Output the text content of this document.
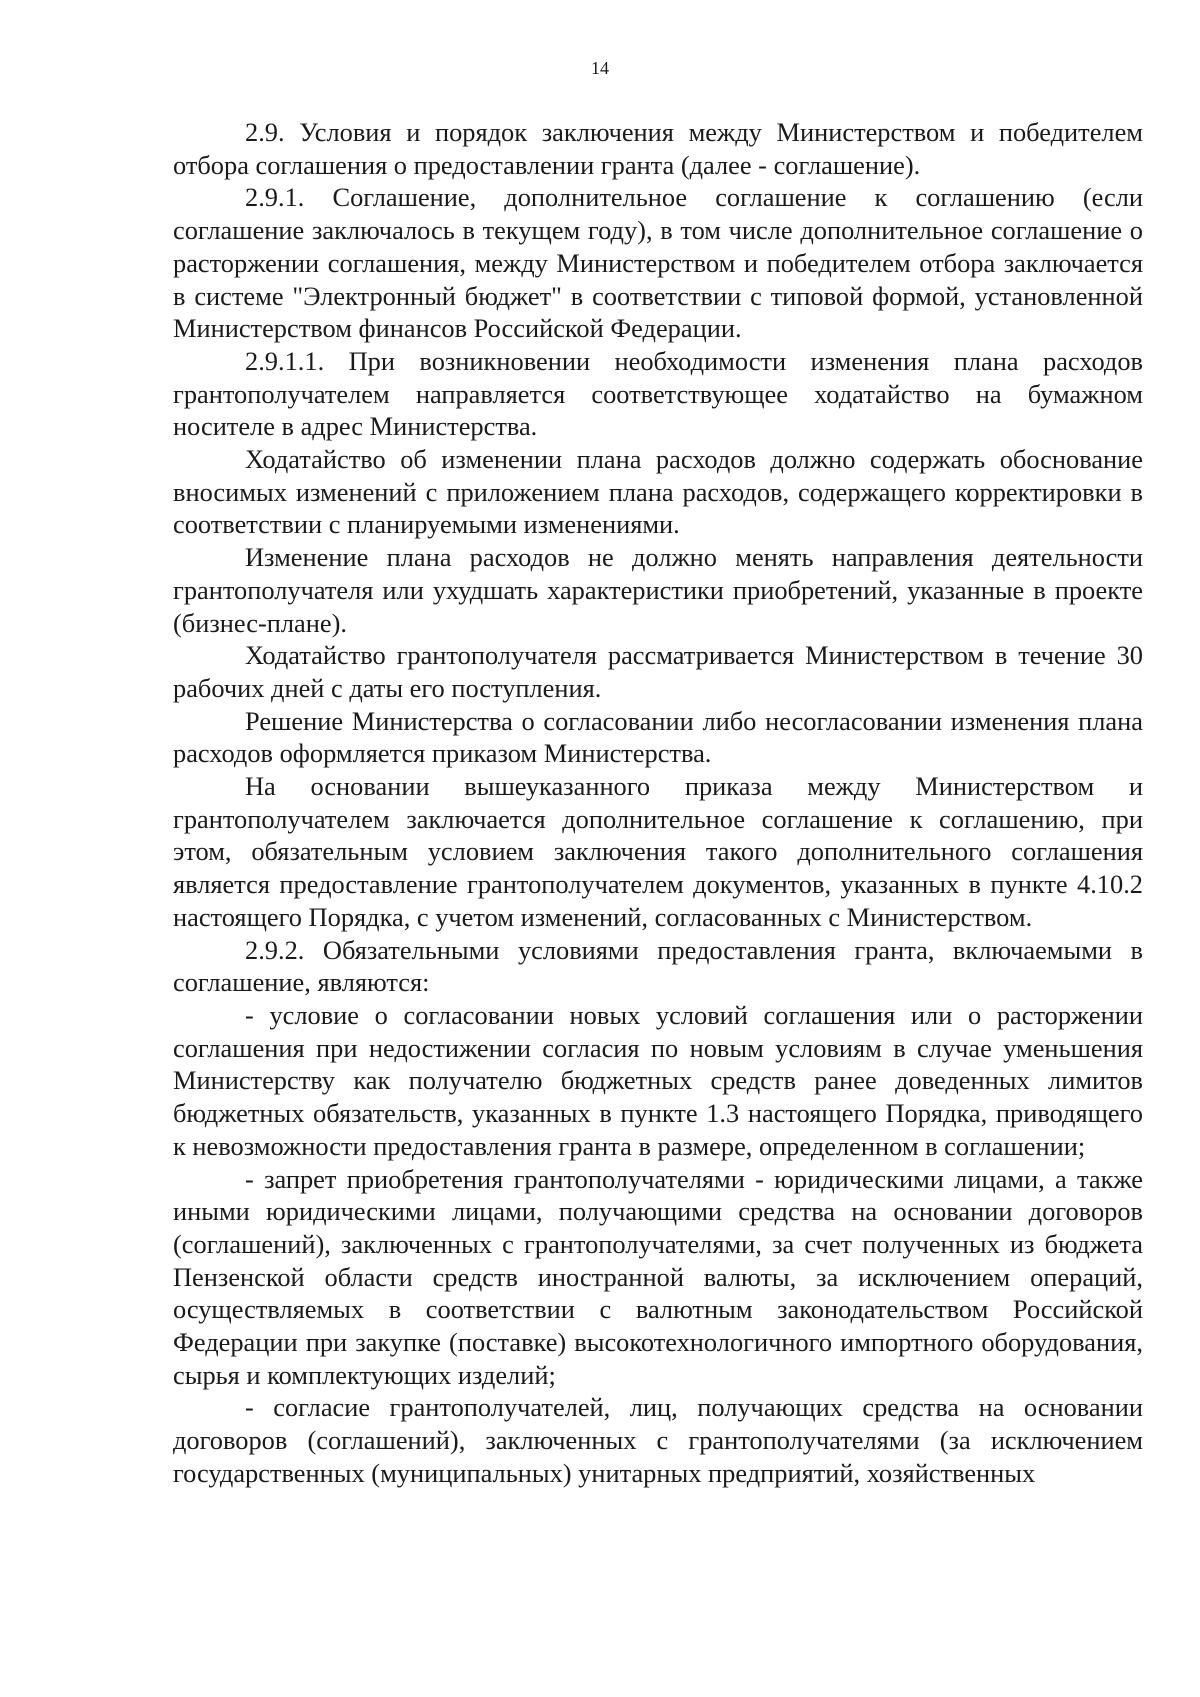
14

2.9. Условия и порядок заключения между Министерством и победителем отбора соглашения о предоставлении гранта (далее - соглашение).

2.9.1. Соглашение, дополнительное соглашение к соглашению (если соглашение заключалось в текущем году), в том числе дополнительное соглашение о расторжении соглашения, между Министерством и победителем отбора заключается в системе "Электронный бюджет" в соответствии с типовой формой, установленной Министерством финансов Российской Федерации.

2.9.1.1. При возникновении необходимости изменения плана расходов грантополучателем направляется соответствующее ходатайство на бумажном носителе в адрес Министерства.

Ходатайство об изменении плана расходов должно содержать обоснование вносимых изменений с приложением плана расходов, содержащего корректировки в соответствии с планируемыми изменениями.

Изменение плана расходов не должно менять направления деятельности грантополучателя или ухудшать характеристики приобретений, указанные в проекте (бизнес-плане).

Ходатайство грантополучателя рассматривается Министерством в течение 30 рабочих дней с даты его поступления.

Решение Министерства о согласовании либо несогласовании изменения плана расходов оформляется приказом Министерства.

На основании вышеуказанного приказа между Министерством и грантополучателем заключается дополнительное соглашение к соглашению, при этом, обязательным условием заключения такого дополнительного соглашения является предоставление грантополучателем документов, указанных в пункте 4.10.2 настоящего Порядка, с учетом изменений, согласованных с Министерством.

2.9.2. Обязательными условиями предоставления гранта, включаемыми в соглашение, являются:

- условие о согласовании новых условий соглашения или о расторжении соглашения при недостижении согласия по новым условиям в случае уменьшения Министерству как получателю бюджетных средств ранее доведенных лимитов бюджетных обязательств, указанных в пункте 1.3 настоящего Порядка, приводящего к невозможности предоставления гранта в размере, определенном в соглашении;

- запрет приобретения грантополучателями - юридическими лицами, а также иными юридическими лицами, получающими средства на основании договоров (соглашений), заключенных с грантополучателями, за счет полученных из бюджета Пензенской области средств иностранной валюты, за исключением операций, осуществляемых в соответствии с валютным законодательством Российской Федерации при закупке (поставке) высокотехнологичного импортного оборудования, сырья и комплектующих изделий;

- согласие грантополучателей, лиц, получающих средства на основании договоров (соглашений), заключенных с грантополучателями (за исключением государственных (муниципальных) унитарных предприятий, хозяйственных
